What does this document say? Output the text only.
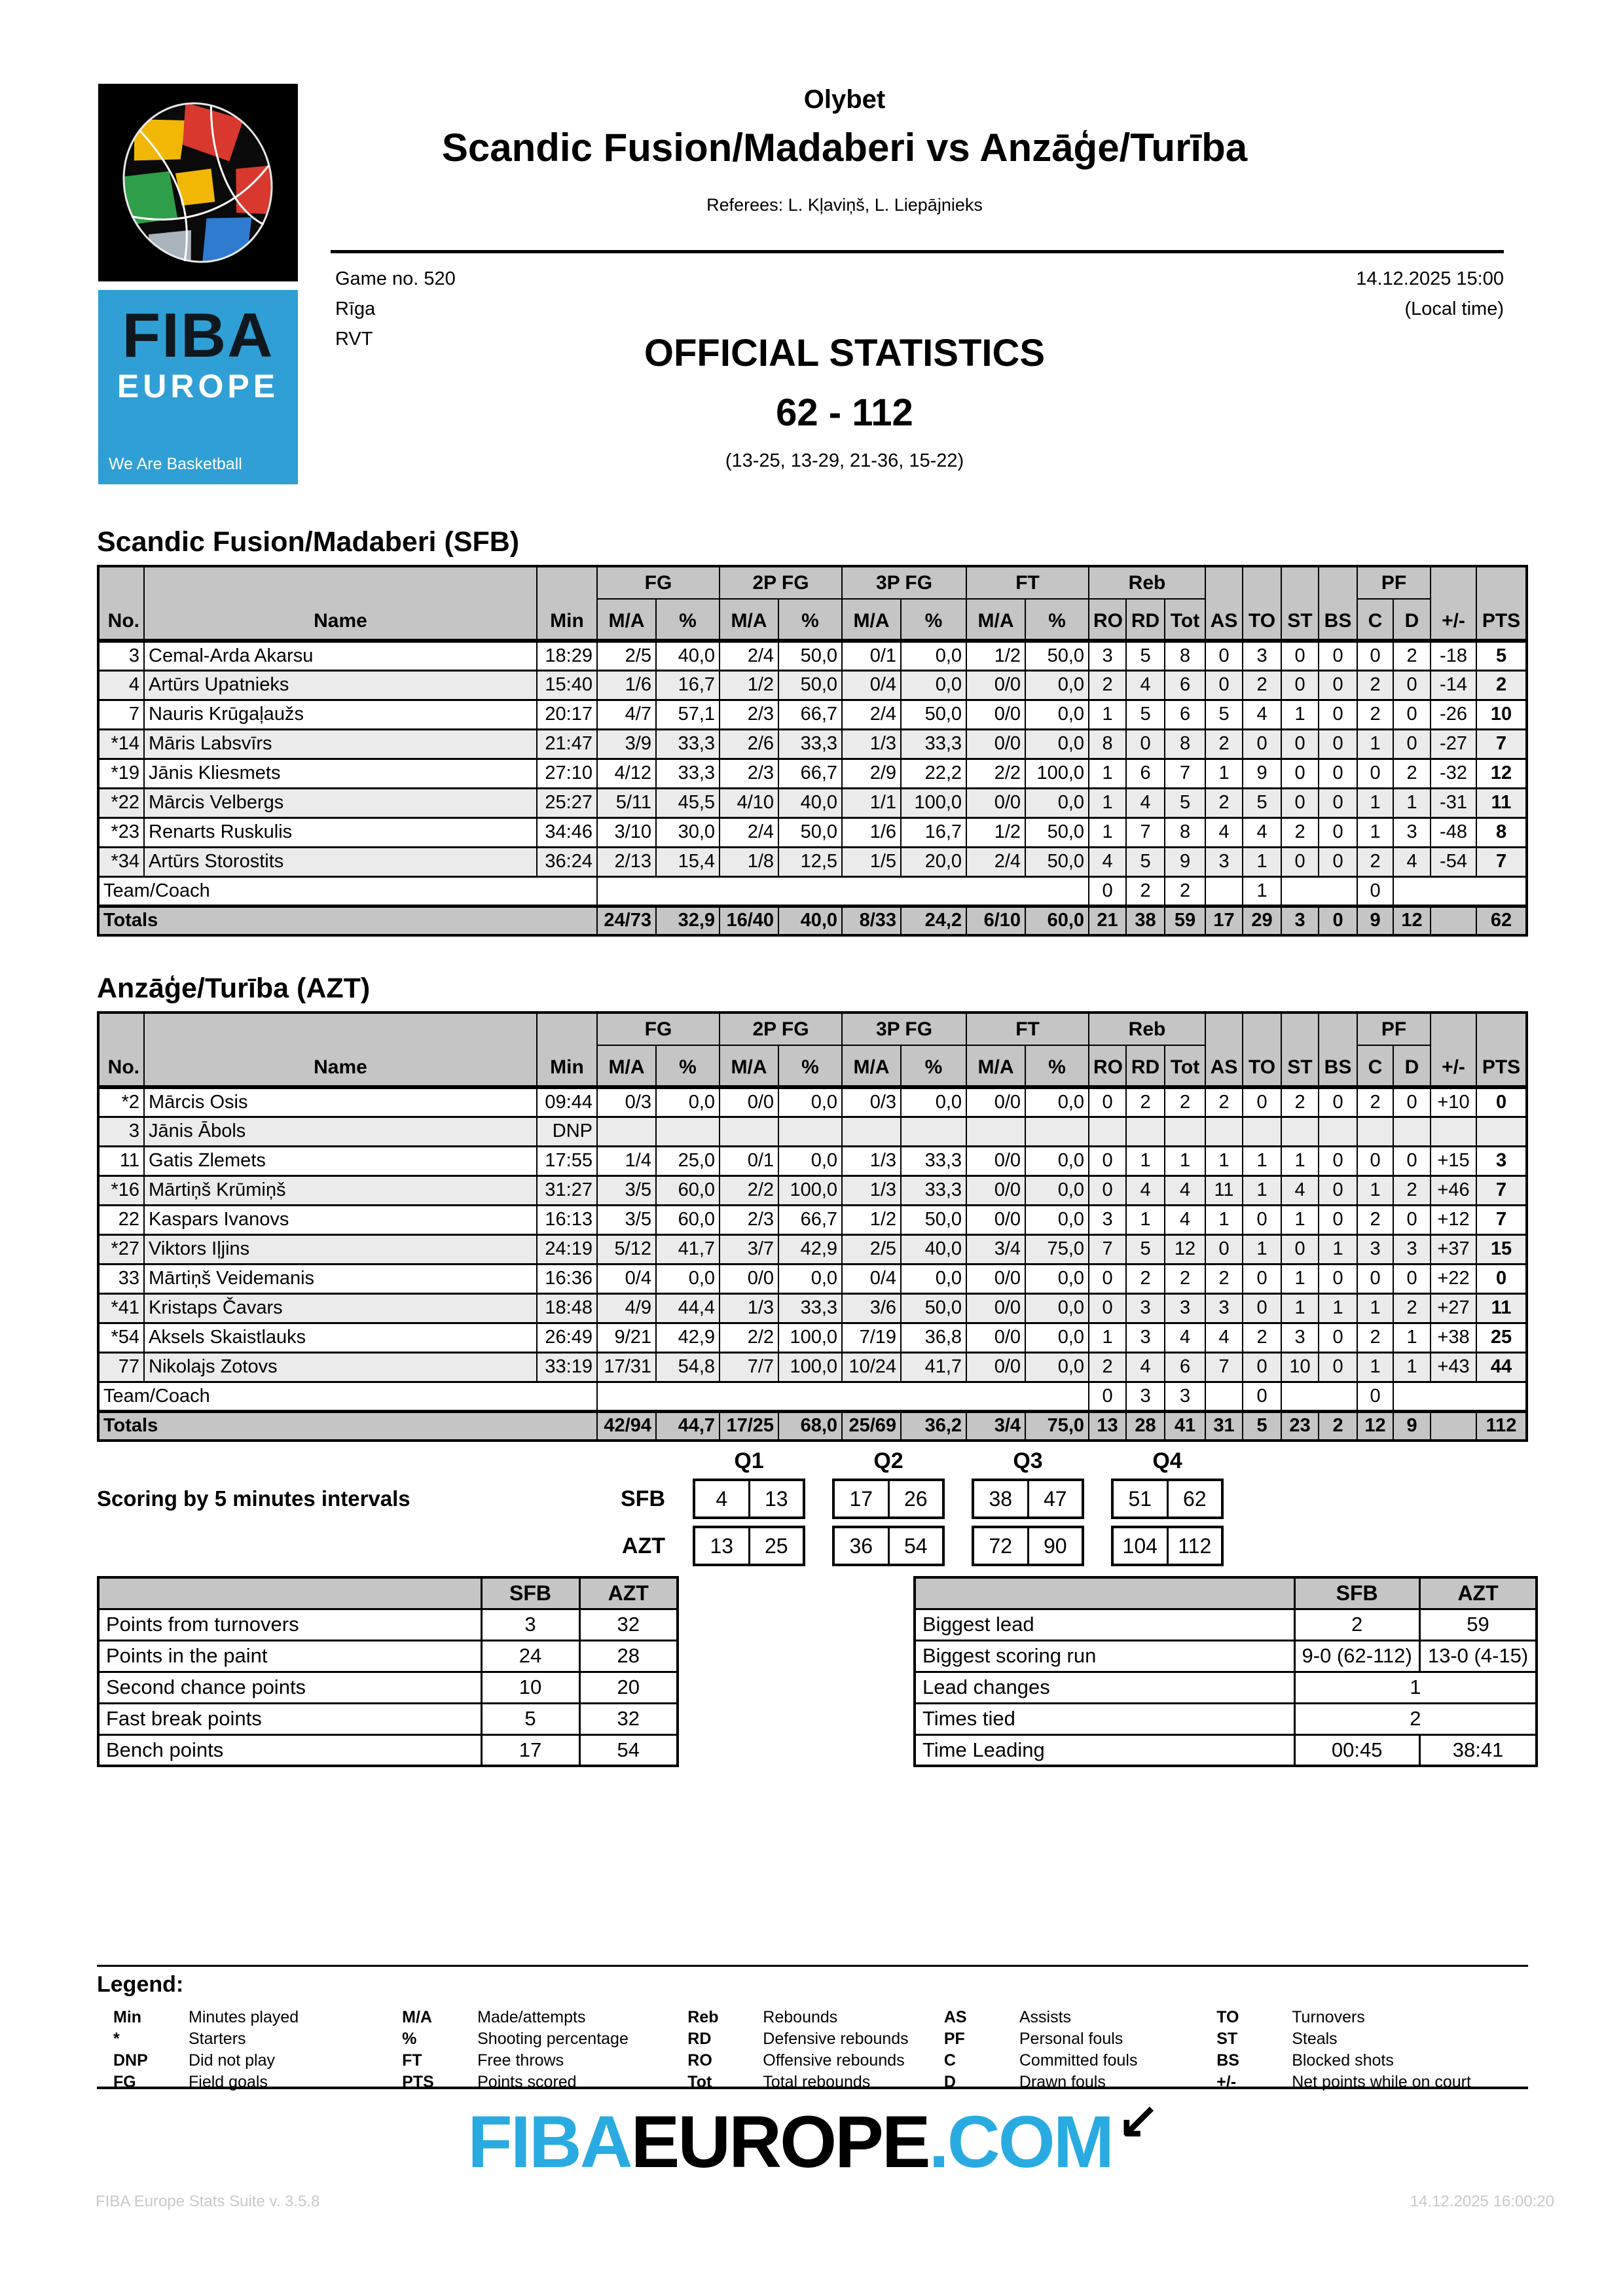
FIBA
EUROPE
We Are Basketball
Olybet
Scandic Fusion/Madaberi vs Anzāģe/Turība
Referees: L. Kļaviņš, L. Liepājnieks
Game no. 520
Rīga
RVT
14.12.2025 15:00
(Local time)
OFFICIAL STATISTICS
62 - 112
(13-25, 13-29, 21-36, 15-22)
Scandic Fusion/Madaberi (SFB)
No.	Name	Min	FG		2P FG		3P FG		FT		Reb			AS	TO	ST	BS	PF		+/-	PTS
			M/A	%	M/A	%	M/A	%	M/A	%	RO	RD	Tot					C	D		
3	Cemal-Arda Akarsu	18:29	2/5	40,0	2/4	50,0	0/1	0,0	1/2	50,0	3	5	8	0	3	0	0	0	2	-18	5
4	Artūrs Upatnieks	15:40	1/6	16,7	1/2	50,0	0/4	0,0	0/0	0,0	2	4	6	0	2	0	0	2	0	-14	2
7	Nauris Krūgaļaužs	20:17	4/7	57,1	2/3	66,7	2/4	50,0	0/0	0,0	1	5	6	5	4	1	0	2	0	-26	10
*14	Māris Labsvīrs	21:47	3/9	33,3	2/6	33,3	1/3	33,3	0/0	0,0	8	0	8	2	0	0	0	1	0	-27	7
*19	Jānis Kliesmets	27:10	4/12	33,3	2/3	66,7	2/9	22,2	2/2	100,0	1	6	7	1	9	0	0	0	2	-32	12
*22	Mārcis Velbergs	25:27	5/11	45,5	4/10	40,0	1/1	100,0	0/0	0,0	1	4	5	2	5	0	0	1	1	-31	11
*23	Renarts Ruskulis	34:46	3/10	30,0	2/4	50,0	1/6	16,7	1/2	50,0	1	7	8	4	4	2	0	1	3	-48	8
*34	Artūrs Storostits	36:24	2/13	15,4	1/8	12,5	1/5	20,0	2/4	50,0	4	5	9	3	1	0	0	2	4	-54	7
Team/Coach											0	2	2		1			0			
Totals			24/73	32,9	16/40	40,0	8/33	24,2	6/10	60,0	21	38	59	17	29	3	0	9	12		62
Anzāģe/Turība (AZT)
No.	Name	Min	FG		2P FG		3P FG		FT		Reb			AS	TO	ST	BS	PF		+/-	PTS
			M/A	%	M/A	%	M/A	%	M/A	%	RO	RD	Tot					C	D		
*2	Mārcis Osis	09:44	0/3	0,0	0/0	0,0	0/3	0,0	0/0	0,0	0	2	2	2	0	2	0	2	0	+10	0
3	Jānis Ābols	DNP																			
11	Gatis Zlemets	17:55	1/4	25,0	0/1	0,0	1/3	33,3	0/0	0,0	0	1	1	1	1	1	0	0	0	+15	3
*16	Mārtiņš Krūmiņš	31:27	3/5	60,0	2/2	100,0	1/3	33,3	0/0	0,0	0	4	4	11	1	4	0	1	2	+46	7
22	Kaspars Ivanovs	16:13	3/5	60,0	2/3	66,7	1/2	50,0	0/0	0,0	3	1	4	1	0	1	0	2	0	+12	7
*27	Viktors Iļjins	24:19	5/12	41,7	3/7	42,9	2/5	40,0	3/4	75,0	7	5	12	0	1	0	1	3	3	+37	15
33	Mārtiņš Veidemanis	16:36	0/4	0,0	0/0	0,0	0/4	0,0	0/0	0,0	0	2	2	2	0	1	0	0	0	+22	0
*41	Kristaps Čavars	18:48	4/9	44,4	1/3	33,3	3/6	50,0	0/0	0,0	0	3	3	3	0	1	1	1	2	+27	11
*54	Aksels Skaistlauks	26:49	9/21	42,9	2/2	100,0	7/19	36,8	0/0	0,0	1	3	4	4	2	3	0	2	1	+38	25
77	Nikolajs Zotovs	33:19	17/31	54,8	7/7	100,0	10/24	41,7	0/0	0,0	2	4	6	7	0	10	0	1	1	+43	44
Team/Coach											0	3	3		0			0			
Totals			42/94	44,7	17/25	68,0	25/69	36,2	3/4	75,0	13	28	41	31	5	23	2	12	9		112
Q1	Q2	Q3	Q4
Scoring by 5 minutes intervals	SFB	4	13	17	26	38	47	51	62
AZT	13	25	36	54	72	90	104 112
	SFB	AZT
Points from turnovers	3	32
Points in the paint	24	28
Second chance points	10	20
Fast break points	5	32
Bench points	17	54
	SFB	AZT
Biggest lead	2	59
Biggest scoring run	9-0 (62-112)	13-0 (4-15)
Lead changes	1	
Times tied	2	
Time Leading	00:45	38:41
Legend:
Min	Minutes played
*	Starters
DNP	Did not play
FG	Field goals
M/A	Made/attempts
%	Shooting percentage
FT	Free throws
PTS	Points scored
Reb	Rebounds
RD	Defensive rebounds
RO	Offensive rebounds
Tot	Total rebounds
AS	Assists
PF	Personal fouls
C	Committed fouls
D	Drawn fouls
TO	Turnovers
ST	Steals
BS	Blocked shots
+/-	Net points while on court
FIBAEUROPE.COM ↙
FIBA Europe Stats Suite v. 3.5.8	14.12.2025 16:00:20
